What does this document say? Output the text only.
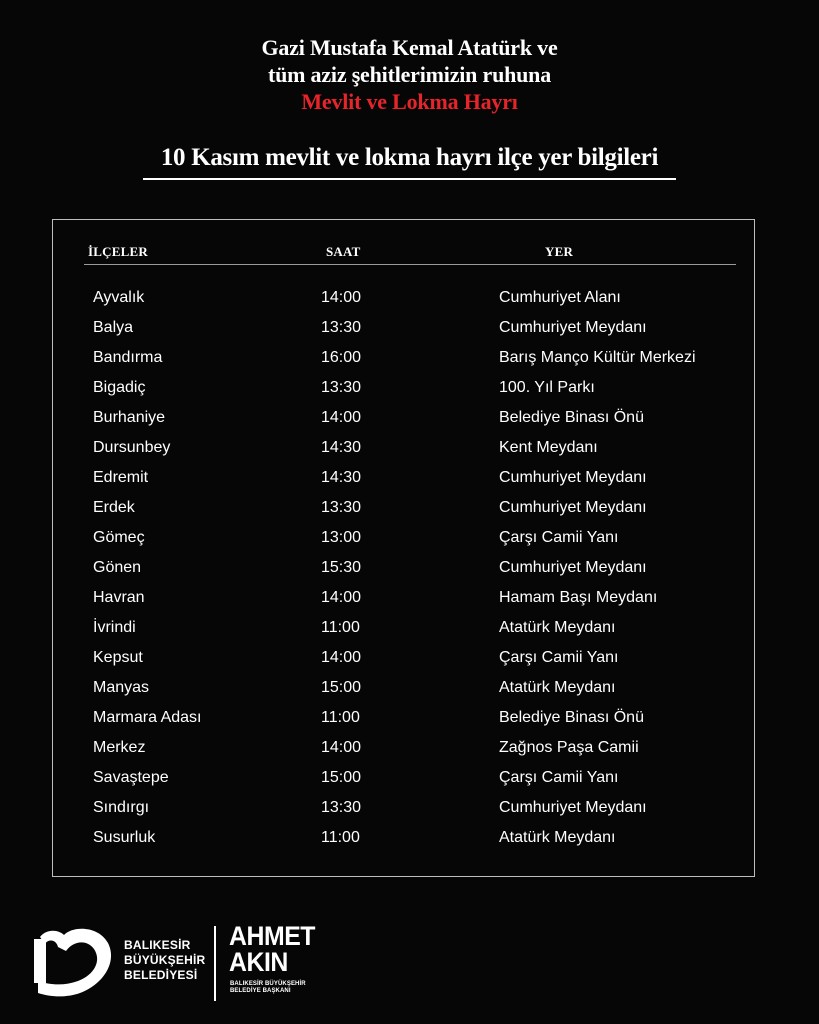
Gazi Mustafa Kemal Atatürk ve
tüm aziz şehitlerimizin ruhuna
Mevlit ve Lokma Hayrı
10 Kasım mevlit ve lokma hayrı ilçe yer bilgileri
İLÇELER	SAAT	YER
Ayvalık	14:00	Cumhuriyet Alanı
Balya	13:30	Cumhuriyet Meydanı
Bandırma	16:00	Barış Manço Kültür Merkezi
Bigadiç	13:30	100. Yıl Parkı
Burhaniye	14:00	Belediye Binası Önü
Dursunbey	14:30	Kent Meydanı
Edremit	14:30	Cumhuriyet Meydanı
Erdek	13:30	Cumhuriyet Meydanı
Gömeç	13:00	Çarşı Camii Yanı
Gönen	15:30	Cumhuriyet Meydanı
Havran	14:00	Hamam Başı Meydanı
İvrindi	11:00	Atatürk Meydanı
Kepsut	14:00	Çarşı Camii Yanı
Manyas	15:00	Atatürk Meydanı
Marmara Adası	11:00	Belediye Binası Önü
Merkez	14:00	Zağnos Paşa Camii
Savaştepe	15:00	Çarşı Camii Yanı
Sındırgı	13:30	Cumhuriyet Meydanı
Susurluk	11:00	Atatürk Meydanı
BALIKESİR
BÜYÜKŞEHİR
BELEDİYESİ
AHMET
AKIN
BALIKESİR BÜYÜKŞEHİR
BELEDİYE BAŞKANI
